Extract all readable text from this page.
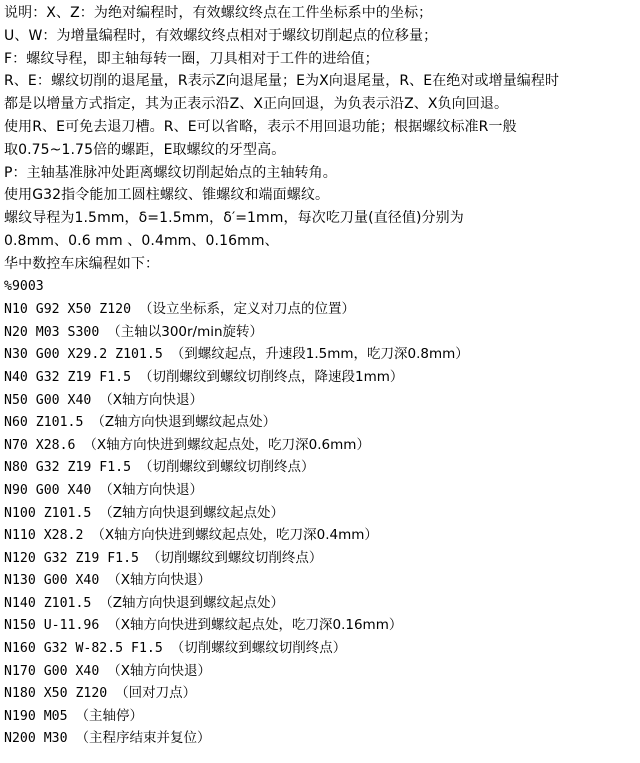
说明：X、Z：为绝对编程时，有效螺纹终点在工件坐标系中的坐标；
U、W：为增量编程时，有效螺纹终点相对于螺纹切削起点的位移量；
F：螺纹导程，即主轴每转一圈，刀具相对于工件的进给值；
R、E：螺纹切削的退尾量，R表示Z向退尾量；E为X向退尾量，R、E在绝对或增量编程时
都是以增量方式指定，其为正表示沿Z、X正向回退，为负表示沿Z、X负向回退。
使用R、E可免去退刀槽。R、E可以省略，表示不用回退功能；根据螺纹标准R一般
取0.75~1.75倍的螺距，E取螺纹的牙型高。
P：主轴基准脉冲处距离螺纹切削起始点的主轴转角。
使用G32指令能加工圆柱螺纹、锥螺纹和端面螺纹。
螺纹导程为1.5mm，δ=1.5mm，δ′=1mm，每次吃刀量(直径值)分别为
0.8mm、0.6 mm 、0.4mm、0.16mm、
华中数控车床编程如下：
%9003
N10 G92 X50 Z120 （设立坐标系，定义对刀点的位置）
N20 M03 S300 （主轴以300r/min旋转）
N30 G00 X29.2 Z101.5 （到螺纹起点，升速段1.5mm，吃刀深0.8mm）
N40 G32 Z19 F1.5 （切削螺纹到螺纹切削终点，降速段1mm）
N50 G00 X40 （X轴方向快退）
N60 Z101.5 （Z轴方向快退到螺纹起点处）
N70 X28.6 （X轴方向快进到螺纹起点处，吃刀深0.6mm）
N80 G32 Z19 F1.5 （切削螺纹到螺纹切削终点）
N90 G00 X40 （X轴方向快退）
N100 Z101.5 （Z轴方向快退到螺纹起点处）
N110 X28.2 （X轴方向快进到螺纹起点处，吃刀深0.4mm）
N120 G32 Z19 F1.5 （切削螺纹到螺纹切削终点）
N130 G00 X40 （X轴方向快退）
N140 Z101.5 （Z轴方向快退到螺纹起点处）
N150 U-11.96 （X轴方向快进到螺纹起点处，吃刀深0.16mm）
N160 G32 W-82.5 F1.5 （切削螺纹到螺纹切削终点）
N170 G00 X40 （X轴方向快退）
N180 X50 Z120 （回对刀点）
N190 M05 （主轴停）
N200 M30 （主程序结束并复位）
